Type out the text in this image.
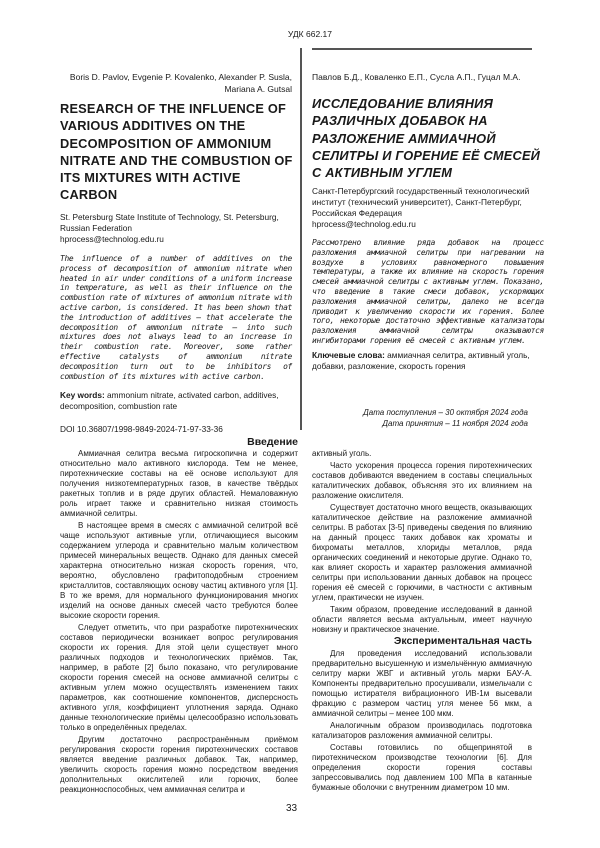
УДК 662.17
Boris D. Pavlov, Evgenie P. Kovalenko, Alexander P. Susla,
Mariana A. Gutsal
Павлов Б.Д., Коваленко Е.П., Сусла А.П., Гуцал М.А.
RESEARCH OF THE INFLUENCE OF VARIOUS ADDITIVES ON THE DECOMPOSITION OF AMMONIUM NITRATE AND THE COMBUSTION OF ITS MIXTURES WITH ACTIVE CARBON
ИССЛЕДОВАНИЕ ВЛИЯНИЯ РАЗЛИЧНЫХ ДОБАВОК НА РАЗЛОЖЕНИЕ АММИАЧНОЙ СЕЛИТРЫ И ГОРЕНИЕ ЕЁ СМЕСЕЙ С АКТИВНЫМ УГЛЕМ
St. Petersburg State Institute of Technology, St. Petersburg, Russian Federation
hprocess@technolog.edu.ru
Санкт-Петербургский государственный технологический институт (технический университет), Санкт-Петербург, Российская Федерация
hprocess@technolog.edu.ru
The influence of a number of additives on the process of decomposition of ammonium nitrate when heated in air under conditions of a uniform increase in temperature, as well as their influence on the combustion rate of mixtures of ammonium nitrate with active carbon, is considered. It has been shown that the introduction of additives – that accelerate the decomposition of ammonium nitrate – into such mixtures does not always lead to an increase in their combustion rate. Moreover, some rather effective catalysts of ammonium nitrate decomposition turn out to be inhibitors of combustion of its mixtures with active carbon.
Рассмотрено влияние ряда добавок на процесс разложения аммиачной селитры при нагревании на воздухе в условиях равномерного повышения температуры, а также их влияние на скорость горения смесей аммиачной селитры с активным углем. Показано, что введение в такие смеси добавок, ускоряющих разложения аммиачной селитры, далеко не всегда приводит к увеличению скорости их горения. Более того, некоторые достаточно эффективные катализаторы разложения аммиачной селитры оказываются ингибиторами горения её смесей с активным углем.
Key words: ammonium nitrate, activated carbon, additives, decomposition, combustion rate
Ключевые слова: аммиачная селитра, активный уголь, добавки, разложение, скорость горения
DOI 10.36807/1998-9849-2024-71-97-33-36
Дата поступления – 30 октября 2024 года
Дата принятия – 11 ноября 2024 года
Введение

Аммиачная селитра весьма гигроскопична и содержит относительно мало активного кислорода. Тем не менее, пиротехнические составы на её основе используют для получения низкотемпературных газов, в качестве твёрдых ракетных топлив и в ряде других областей. Немаловажную роль играет также и сравнительно низкая стоимость аммиачной селитры.

В настоящее время в смесях с аммиачной селитрой всё чаще используют активные угли, отличающиеся высоким содержанием углерода и сравнительно малым количеством примесей минеральных веществ. Однако для данных смесей характерна относительно низкая скорость горения, что, вероятно, обусловлено графитоподобным строением кристаллитов, составляющих основу частиц активного угля [1]. В то же время, для нормального функционирования многих изделий на основе данных смесей часто требуются более высокие скорости горения.

Следует отметить, что при разработке пиротехнических составов периодически возникает вопрос регулирования скорости их горения. Для этой цели существует много различных подходов и технологических приёмов. Так, например, в работе [2] было показано, что регулирование скорости горения смесей на основе аммиачной селитры с активным углем можно осуществлять изменением таких параметров, как соотношение компонентов, дисперсность активного угля, коэффициент уплотнения заряда. Однако данные технологические приёмы целесообразно использовать только в определённых пределах.

Другим достаточно распространённым приёмом регулирования скорости горения пиротехнических составов является введение различных добавок. Так, например, увеличить скорость горения можно посредством введения дополнительных окислителей или горючих, более реакционноспособных, чем аммиачная селитра и

активный уголь.

Часто ускорения процесса горения пиротехнических составов добиваются введением в составы специальных каталитических добавок, объясняя это их влиянием на разложение окислителя.

Существует достаточно много веществ, оказывающих каталитическое действие на разложение аммиачной селитры. В работах [3-5] приведены сведения по влиянию на данный процесс таких добавок как хроматы и бихроматы металлов, хлориды металлов, ряда органических соединений и некоторые другие. Однако то, как влияет скорость и характер разложения аммиачной селитры при использовании данных добавок на процесс горения её смесей с горючими, в частности с активным углем, практически не изучен.

Таким образом, проведение исследований в данной области является весьма актуальным, имеет научную новизну и практическое значение.

Экспериментальная часть

Для проведения исследований использовали предварительно высушенную и измельчённую аммиачную селитру марки ЖВГ и активный уголь марки БАУ-А. Компоненты предварительно просушивали, измельчали с помощью истирателя вибрационного ИВ-1м высевали фракцию с размером частиц угля менее 56 мкм, а аммиачной селитры – менее 100 мкм.

Аналогичным образом производилась подготовка катализаторов разложения аммиачной селитры.

Составы готовились по общепринятой в пиротехническом производстве технологии [6]. Для определения скорости горения составы запрессовывались под давлением 100 МПа в катанные бумажные оболочки с внутренним диаметром 10 мм.

33
